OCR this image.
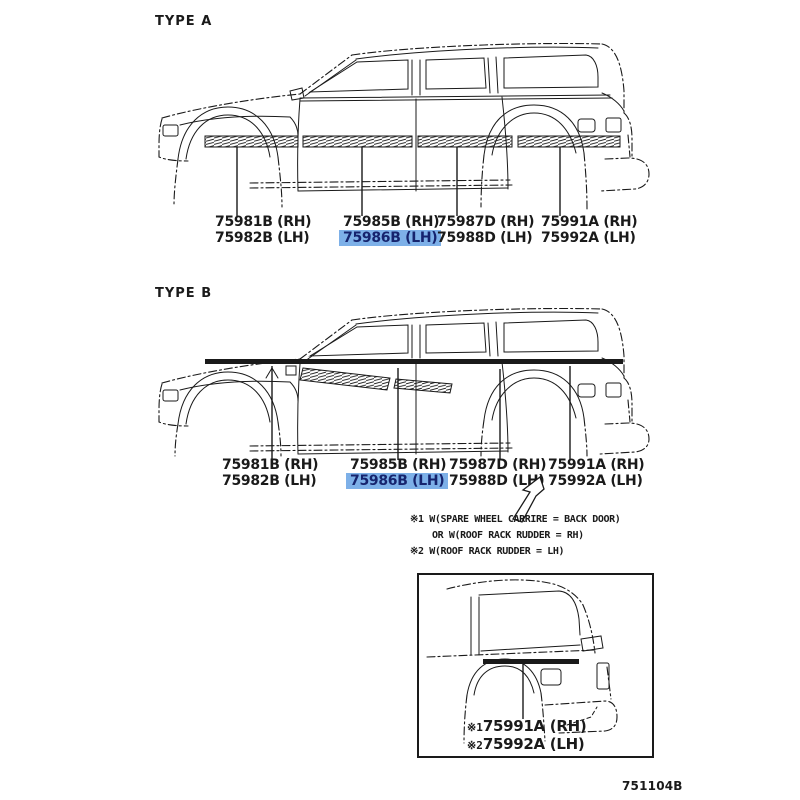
TYPE A
75981B (RH)
75982B (LH)
75985B (RH)
75986B (LH)
75987D (RH)
75988D (LH)
75991A (RH)
75992A (LH)
TYPE B
75981B (RH)
75982B (LH)
75985B (RH)
75986B (LH)
75987D (RH)
75988D (LH)
75991A (RH)
75992A (LH)
※1 W(SPARE WHEEL CARRIRE = BACK DOOR)
OR W(ROOF RACK RUDDER = RH)
※2 W(ROOF RACK RUDDER = LH)
※175991A (RH)
※275992A (LH)
751104B
